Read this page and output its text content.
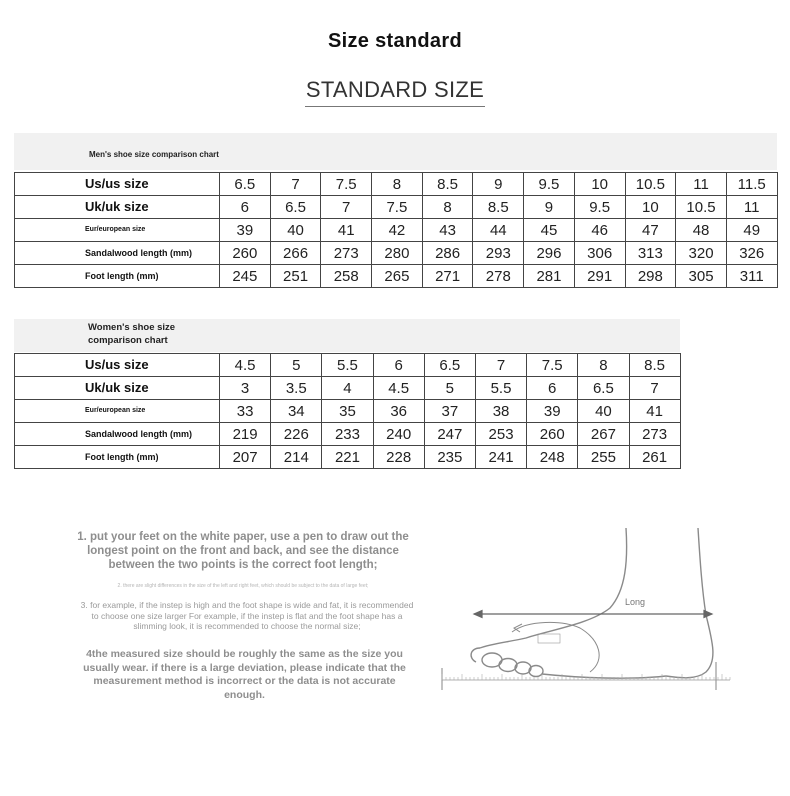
Size standard
STANDARD SIZE
Men's shoe size comparison chart
Us/us size	6.5	7	7.5	8	8.5	9	9.5	10	10.5	11	11.5
Uk/uk size	6	6.5	7	7.5	8	8.5	9	9.5	10	10.5	11
Eur/european size	39	40	41	42	43	44	45	46	47	48	49
Sandalwood length (mm)	260	266	273	280	286	293	296	306	313	320	326
Foot length (mm)	245	251	258	265	271	278	281	291	298	305	311
Women's shoe size comparison chart
Us/us size	4.5	5	5.5	6	6.5	7	7.5	8	8.5
Uk/uk size	3	3.5	4	4.5	5	5.5	6	6.5	7
Eur/european size	33	34	35	36	37	38	39	40	41
Sandalwood length (mm)	219	226	233	240	247	253	260	267	273
Foot length (mm)	207	214	221	228	235	241	248	255	261
1. put your feet on the white paper, use a pen to draw out the longest point on the front and back, and see the distance between the two points is the correct foot length;
2. there are slight differences in the size of the left and right feet, which should be subject to the data of large feet;
3. for example, if the instep is high and the foot shape is wide and fat, it is recommended to choose one size larger For example, if the instep is flat and the foot shape has a slimming look, it is recommended to choose the normal size;
4the measured size should be roughly the same as the size you usually wear. if there is a large deviation, please indicate that the measurement method is incorrect or the data is not accurate enough.
Long
